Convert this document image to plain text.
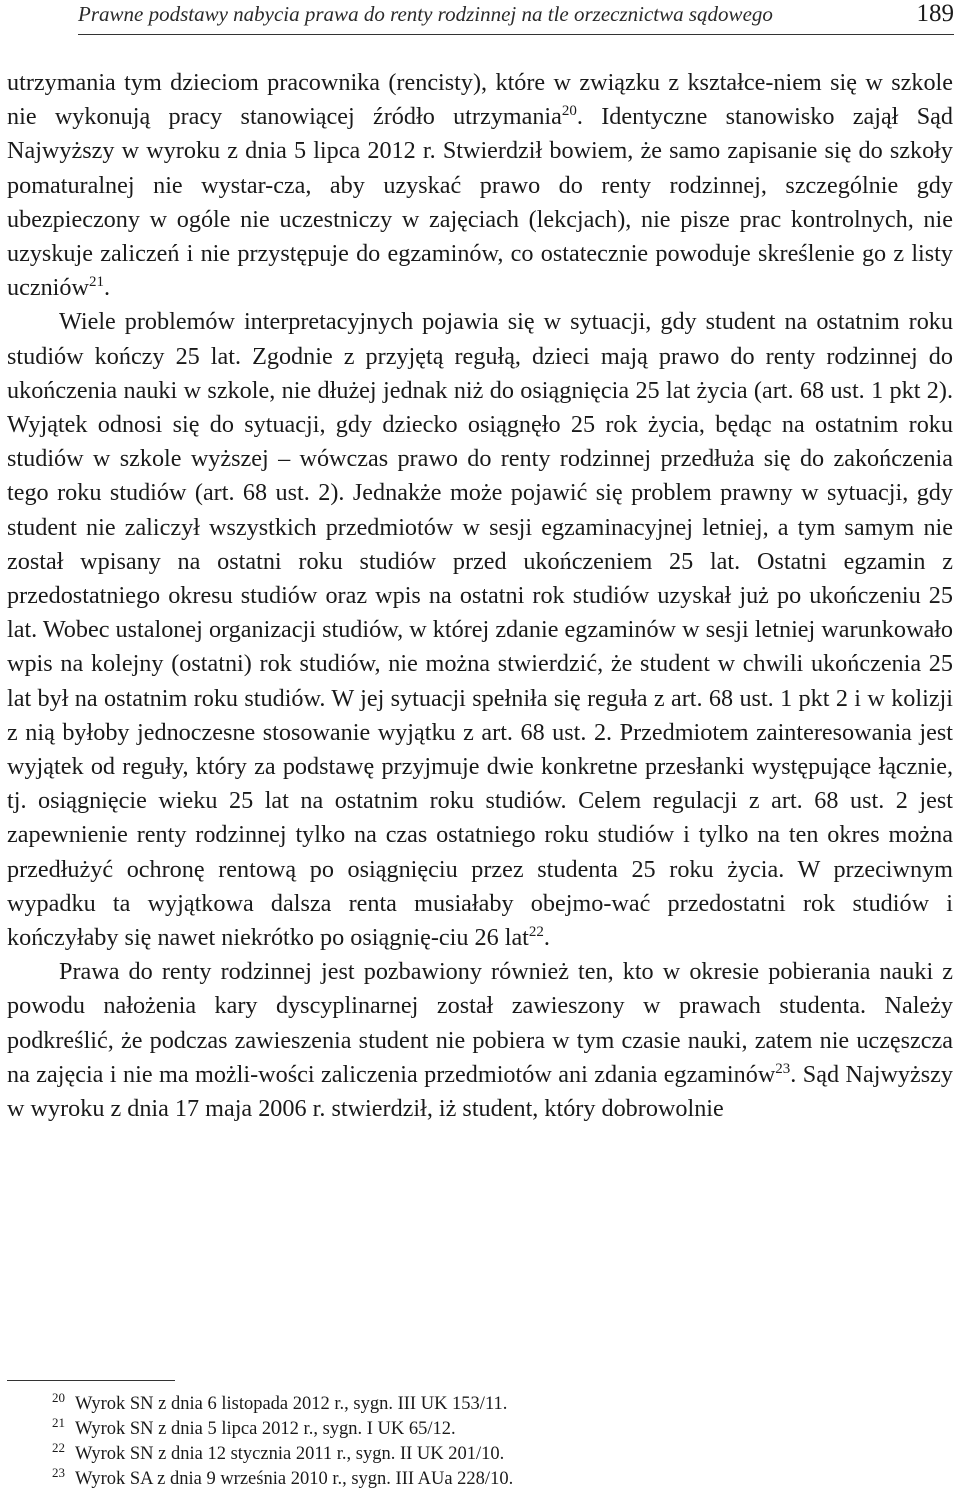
Prawne podstawy nabycia prawa do renty rodzinnej na tle orzecznictwa sądowego	189

utrzymania tym dzieciom pracownika (rencisty), które w związku z kształce-niem się w szkole nie wykonują pracy stanowiącej źródło utrzymania$^{20}$. Identyczne stanowisko zajął Sąd Najwyższy w wyroku z dnia 5 lipca 2012 r. Stwierdził bowiem, że samo zapisanie się do szkoły pomaturalnej nie wystar-cza, aby uzyskać prawo do renty rodzinnej, szczególnie gdy ubezpieczony w ogóle nie uczestniczy w zajęciach (lekcjach), nie pisze prac kontrolnych, nie uzyskuje zaliczeń i nie przystępuje do egzaminów, co ostatecznie powoduje skreślenie go z listy uczniów$^{21}$.

Wiele problemów interpretacyjnych pojawia się w sytuacji, gdy student na ostatnim roku studiów kończy 25 lat. Zgodnie z przyjętą regułą, dzieci mają prawo do renty rodzinnej do ukończenia nauki w szkole, nie dłużej jednak niż do osiągnięcia 25 lat życia (art. 68 ust. 1 pkt 2). Wyjątek odnosi się do sytuacji, gdy dziecko osiągnęło 25 rok życia, będąc na ostatnim roku studiów w szkole wyższej – wówczas prawo do renty rodzinnej przedłuża się do zakończenia tego roku studiów (art. 68 ust. 2). Jednakże może pojawić się problem prawny w sytuacji, gdy student nie zaliczył wszystkich przedmiotów w sesji egzaminacyjnej letniej, a tym samym nie został wpisany na ostatni roku studiów przed ukończeniem 25 lat. Ostatni egzamin z przedostatniego okresu studiów oraz wpis na ostatni rok studiów uzyskał już po ukończeniu 25 lat. Wobec ustalonej organizacji studiów, w której zdanie egzaminów w sesji letniej warunkowało wpis na kolejny (ostatni) rok studiów, nie można stwierdzić, że student w chwili ukończenia 25 lat był na ostatnim roku studiów. W jej sytuacji spełniła się reguła z art. 68 ust. 1 pkt 2 i w kolizji z nią byłoby jednoczesne stosowanie wyjątku z art. 68 ust. 2. Przedmiotem zainteresowania jest wyjątek od reguły, który za podstawę przyjmuje dwie konkretne przesłanki występujące łącznie, tj. osiągnięcie wieku 25 lat na ostatnim roku studiów. Celem regulacji z art. 68 ust. 2 jest zapewnienie renty rodzinnej tylko na czas ostatniego roku studiów i tylko na ten okres można przedłużyć ochronę rentową po osiągnięciu przez studenta 25 roku życia. W przeciwnym wypadku ta wyjątkowa dalsza renta musiałaby obejmo-wać przedostatni rok studiów i kończyłaby się nawet niekrótko po osiągnię-ciu 26 lat$^{22}$.

Prawa do renty rodzinnej jest pozbawiony również ten, kto w okresie pobierania nauki z powodu nałożenia kary dyscyplinarnej został zawieszony w prawach studenta. Należy podkreślić, że podczas zawieszenia student nie pobiera w tym czasie nauki, zatem nie uczęszcza na zajęcia i nie ma możli-wości zaliczenia przedmiotów ani zdania egzaminów$^{23}$. Sąd Najwyższy w wyroku z dnia 17 maja 2006 r. stwierdził, iż student, który dobrowolnie

20 Wyrok SN z dnia 6 listopada 2012 r., sygn. III UK 153/11.
21 Wyrok SN z dnia 5 lipca 2012 r., sygn. I UK 65/12.
22 Wyrok SN z dnia 12 stycznia 2011 r., sygn. II UK 201/10.
23 Wyrok SA z dnia 9 września 2010 r., sygn. III AUa 228/10.
